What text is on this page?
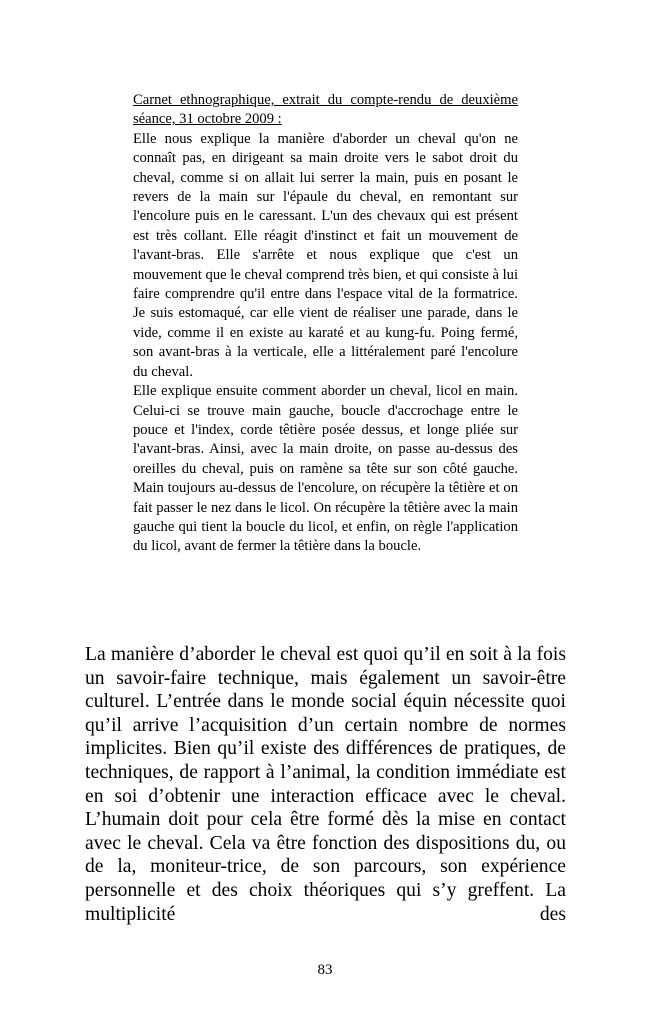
Carnet ethnographique, extrait du compte-rendu de deuxième séance, 31 octobre 2009 :

Elle nous explique la manière d'aborder un cheval qu'on ne connaît pas, en dirigeant sa main droite vers le sabot droit du cheval, comme si on allait lui serrer la main, puis en posant le revers de la main sur l'épaule du cheval, en remontant sur l'encolure puis en le caressant. L'un des chevaux qui est présent est très collant. Elle réagit d'instinct et fait un mouvement de l'avant-bras. Elle s'arrête et nous explique que c'est un mouvement que le cheval comprend très bien, et qui consiste à lui faire comprendre qu'il entre dans l'espace vital de la formatrice. Je suis estomaqué, car elle vient de réaliser une parade, dans le vide, comme il en existe au karaté et au kung-fu. Poing fermé, son avant-bras à la verticale, elle a littéralement paré l'encolure du cheval.

Elle explique ensuite comment aborder un cheval, licol en main. Celui-ci se trouve main gauche, boucle d'accrochage entre le pouce et l'index, corde têtière posée dessus, et longe pliée sur l'avant-bras. Ainsi, avec la main droite, on passe au-dessus des oreilles du cheval, puis on ramène sa tête sur son côté gauche. Main toujours au-dessus de l'encolure, on récupère la têtière et on fait passer le nez dans le licol. On récupère la têtière avec la main gauche qui tient la boucle du licol, et enfin, on règle l'application du licol, avant de fermer la têtière dans la boucle.

La manière d’aborder le cheval est quoi qu’il en soit à la fois un savoir-faire technique, mais également un savoir-être culturel. L’entrée dans le monde social équin nécessite quoi qu’il arrive l’acquisition d’un certain nombre de normes implicites. Bien qu’il existe des différences de pratiques, de techniques, de rapport à l’animal, la condition immédiate est en soi d’obtenir une interaction efficace avec le cheval. L’humain doit pour cela être formé dès la mise en contact avec le cheval. Cela va être fonction des dispositions du, ou de la, moniteur-trice, de son parcours, son expérience personnelle et des choix théoriques qui s’y greffent. La multiplicité des

83
